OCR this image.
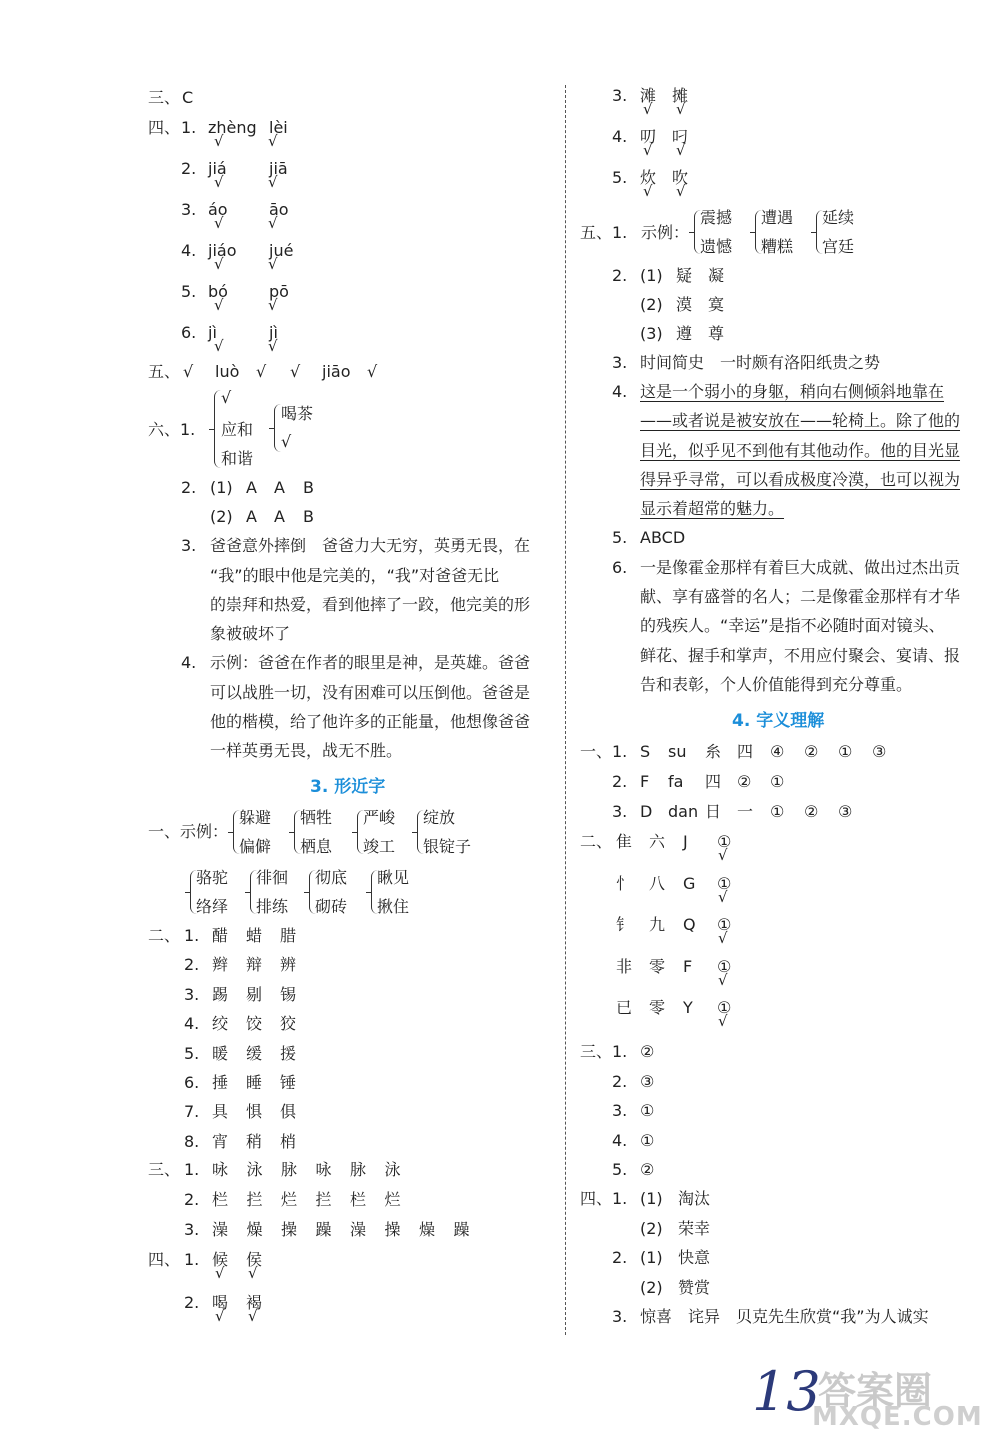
三、 C
四、 1. zhèng lèi
√	√
2. jiá	jiā
√	√
3. áo	āo
√	√
4. jiáo jué
√	√
5. bó	pō
√	√
6. jì	jì
√	√
五、 √ luò √ √ jiāo √
六、1.
√
应和
和谐
喝茶
√
2. (1) A A B
(2) A A B
3. 爸爸意外摔倒　爸爸力大无穷，英勇无畏，在
“我”的眼中他是完美的，“我”对爸爸无比
的崇拜和热爱，看到他摔了一跤，他完美的形
象被破坏了
4. 示例：爸爸在作者的眼里是神，是英雄。爸爸
可以战胜一切，没有困难可以压倒他。爸爸是
他的楷模，给了他许多的正能量，他想像爸爸
一样英勇无畏，战无不胜。
3. 形近字
一、示例：
躲避
偏僻
牺牲
栖息
严峻
竣工
绽放
银锭子
骆驼
络绎
徘徊
排练
彻底
砌砖
瞅见
揪住
二、 1. 醋 蜡 腊
2. 辫 辩 辨
3. 踢 剔 锡
4. 绞 饺 狡
5. 暖 缓 援
6. 捶 睡 锤
7. 具 惧 俱
8. 宵 稍 梢
三、 1. 咏 泳 脉 咏 脉 泳
2. 栏 拦 烂 拦 栏 烂
3. 澡 燥 操 躁 澡 操 燥 躁
四、 1. 候 侯
√ √
2. 喝 褐
√ √
3. 滩 摊
√ √
4. 叨 叼
√ √
5. 炊 吹
√ √
五、1. 示例：
震撼
遗憾
遭遇
糟糕
延续
宫廷
2. (1) 疑 凝
(2) 漠 寞
(3) 遵 尊
3. 时间简史　一时颇有洛阳纸贵之势
4. 这是一个弱小的身躯，稍向右侧倾斜地靠在
——或者说是被安放在——轮椅上。除了他的
目光，似乎见不到他有其他动作。他的目光显
得异乎寻常，可以看成极度冷漠，也可以视为
显示着超常的魅力。
5. ABCD
6. 一是像霍金那样有着巨大成就、做出过杰出贡
献、享有盛誉的名人；二是像霍金那样有才华
的残疾人。“幸运”是指不必随时面对镜头、
鲜花、握手和掌声，不用应付聚会、宴请、报
告和表彰，个人价值能得到充分尊重。
4. 字义理解
一、 1. S su 糸 四 ④ ② ① ③
2. F fa 四 ② ①
3. D dan 日 一 ① ② ③
二、 隹 六 J ①
√
忄 八 G ①
√
钅 九 Q ①
√
非 零 F ①
√
已 零 Y ①
√
三、 1. ②
2. ③
3. ①
4. ①
5. ②
四、 1. (1) 淘汰
(2) 荣幸
2. (1) 快意
(2) 赞赏
3. 惊喜　诧异　贝克先生欣赏“我”为人诚实
13
答案圈
MXQE.COM
